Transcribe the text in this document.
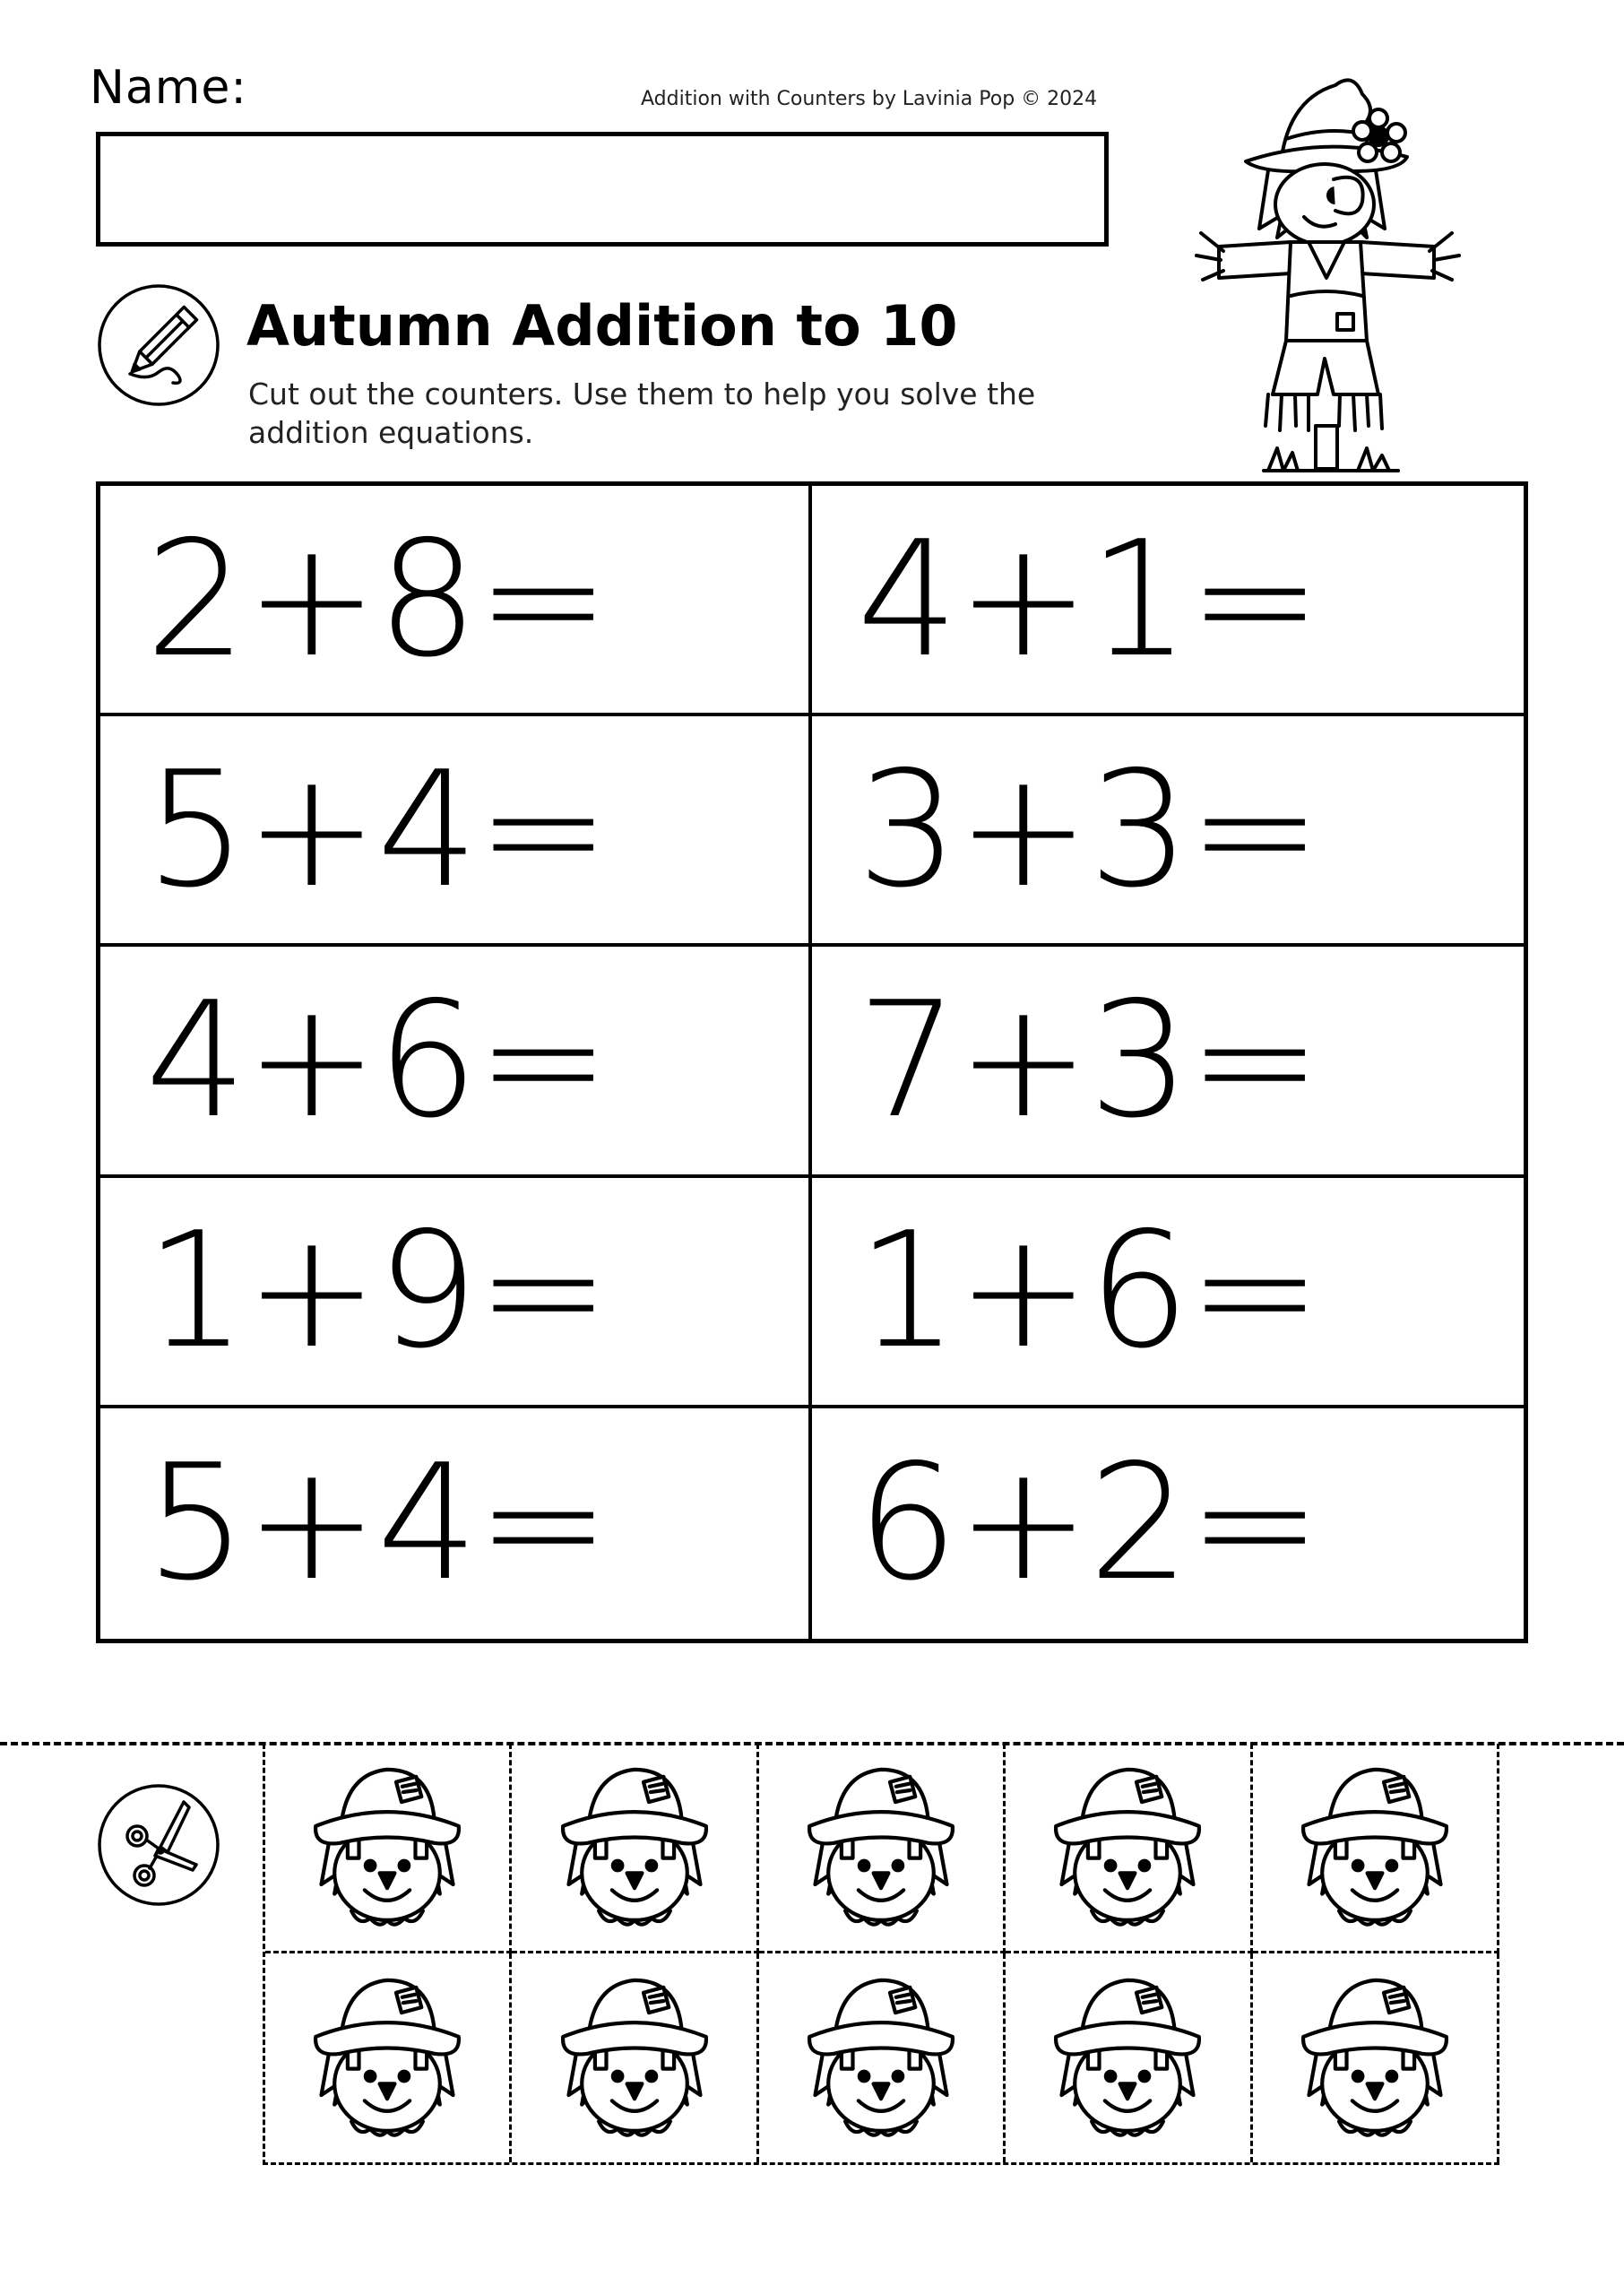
Name:	Addition with Counters by Lavinia Pop © 2024
Autumn Addition to 10
Cut out the counters. Use them to help you solve the addition equations.
2+8=	4+1=
5+4=	3+3=
4+6=	7+3=
1+9=	1+6=
5+4=	6+2=
